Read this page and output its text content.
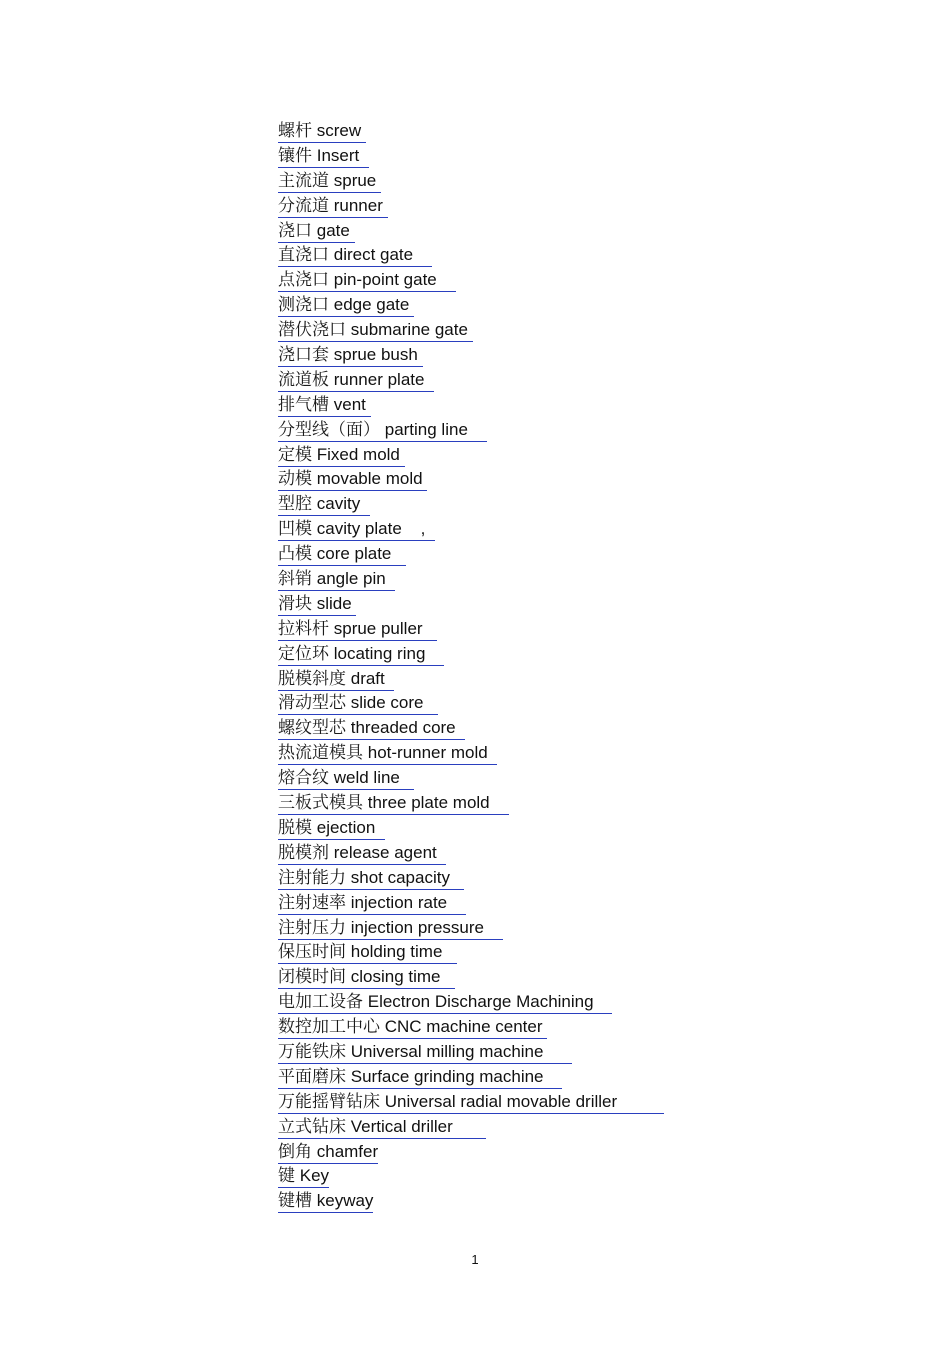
螺杆 screw
镶件 Insert
主流道 sprue
分流道 runner
浇口 gate
直浇口 direct gate
点浇口 pin-point gate
测浇口 edge gate
潜伏浇口 submarine gate
浇口套 sprue bush
流道板 runner plate
排气槽 vent
分型线（面） parting line
定模 Fixed mold
动模 movable mold
型腔 cavity
凹模 cavity plate    ,
凸模 core plate
斜销 angle pin
滑块 slide
拉料杆 sprue puller
定位环 locating ring
脱模斜度 draft
滑动型芯 slide core
螺纹型芯 threaded core
热流道模具 hot-runner mold
熔合纹 weld line
三板式模具 three plate mold
脱模 ejection
脱模剂 release agent
注射能力 shot capacity
注射速率 injection rate
注射压力 injection pressure
保压时间 holding time
闭模时间 closing time
电加工设备 Electron Discharge Machining
数控加工中心 CNC machine center
万能铁床 Universal milling machine
平面磨床 Surface grinding machine
万能摇臂钻床 Universal radial movable driller
立式钻床 Vertical driller
倒角 chamfer
键 Key
键槽 keyway
1
